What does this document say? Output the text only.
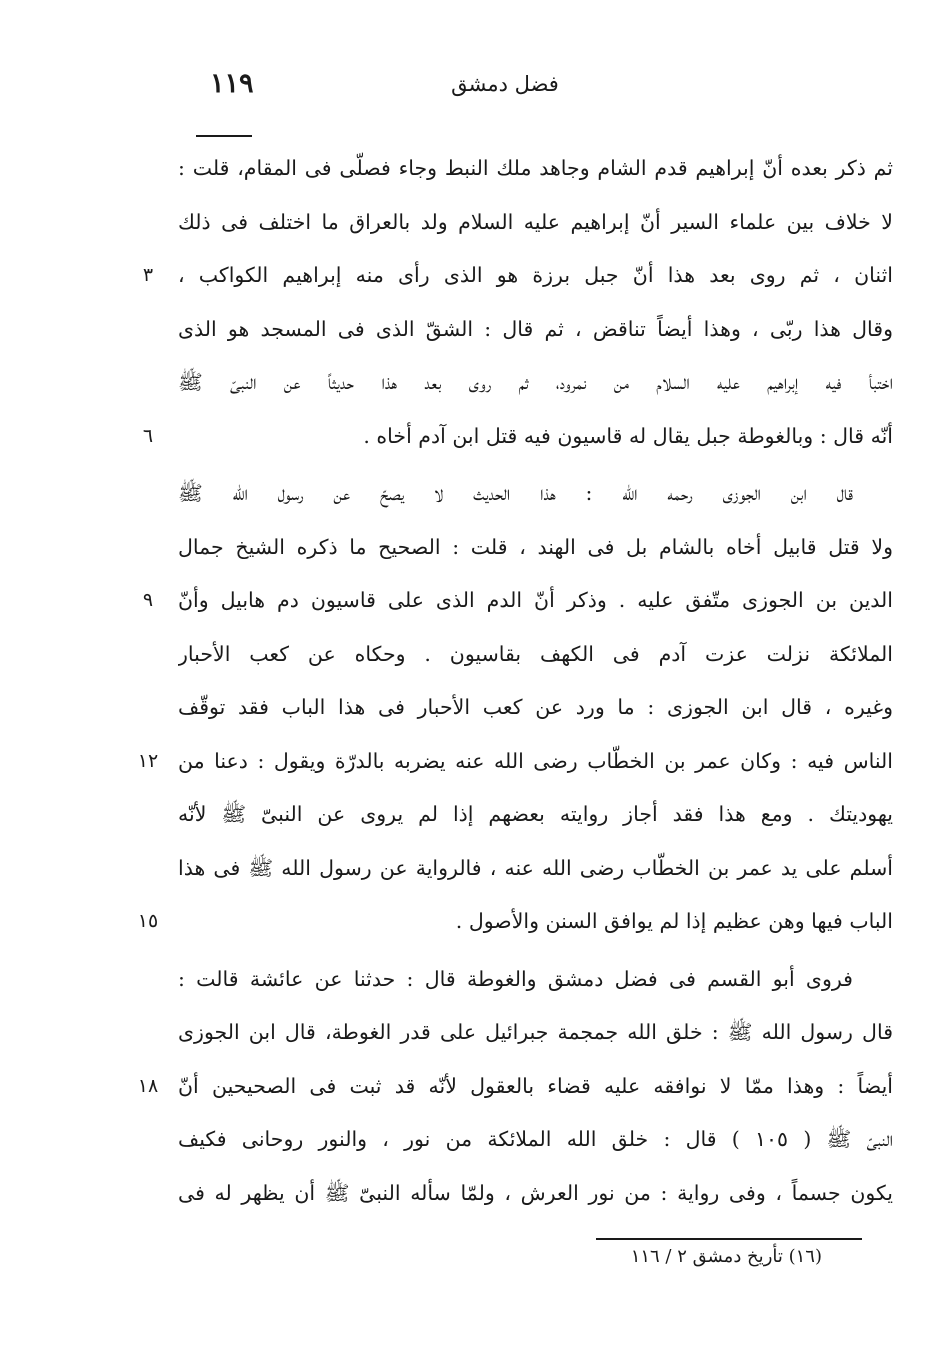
١١٩	فضل دمشق
٣
٦
٩
١٢
١٥
١٨
ثم ذكر بعده أنّ إبراهيم قدم الشام وجاهد ملك النبط وجاء فصلّى فى المقام، قلت :
لا خلاف بين علماء السير أنّ إبراهيم عليه السلام ولد بالعراق ما اختلف فى ذلك
اثنان ، ثم روى بعد هذا أنّ جبل برزة هو الذى رأى منه إبراهيم الكواكب ،
وقال هذا ربّى ، وهذا أيضاً تناقض ، ثم قال : الشقّ الذى فى المسجد هو الذى
اختبأ فيه إبراهيم عليه السلام من نمرود، ثم روى بعد هذا حديثاً عن النبىّ ﷺ
أنّه قال : وبالغوطة جبل يقال له قاسيون فيه قتل ابن آدم أخاه .
قال ابن الجوزى رحمه الله : هذا الحديث لا يصحّ عن رسول الله ﷺ
ولا قتل قابيل أخاه بالشام بل فى الهند ، قلت : الصحيح ما ذكره الشيخ جمال
الدين بن الجوزى متّفق عليه . وذكر أنّ الدم الذى على قاسيون دم هابيل وأنّ
الملائكة نزلت عزت آدم فى الكهف بقاسيون . وحكاه عن كعب الأحبار
وغيره ، قال ابن الجوزى : ما ورد عن كعب الأحبار فى هذا الباب فقد توقّف
الناس فيه : وكان عمر بن الخطّاب رضى الله عنه يضربه بالدرّة ويقول : دعنا من
يهوديتك . ومع هذا فقد أجاز روايته بعضهم إذا لم يروى عن النبىّ ﷺ لأنّه
أسلم على يد عمر بن الخطّاب رضى الله عنه ، فالرواية عن رسول الله ﷺ فى هذا
الباب فيها وهن عظيم إذا لم يوافق السنن والأصول .
فروى أبو القسم فى فضل دمشق والغوطة قال : حدثنا عن عائشة قالت :
قال رسول الله ﷺ : خلق الله جمجمة جبرائيل على قدر الغوطة، قال ابن الجوزى
أيضاً : وهذا ممّا لا نوافقه عليه قضاء بالعقول لأنّه قد ثبت فى الصحيحين أنّ
النبىّ ﷺ ( ١٠٥ ) قال : خلق الله الملائكة من نور ، والنور روحانى فكيف
يكون جسماً ، وفى رواية : من نور العرش ، ولمّا سأله النبىّ ﷺ أن يظهر له فى
(١٦) تأريخ دمشق ٢ / ١١٦
